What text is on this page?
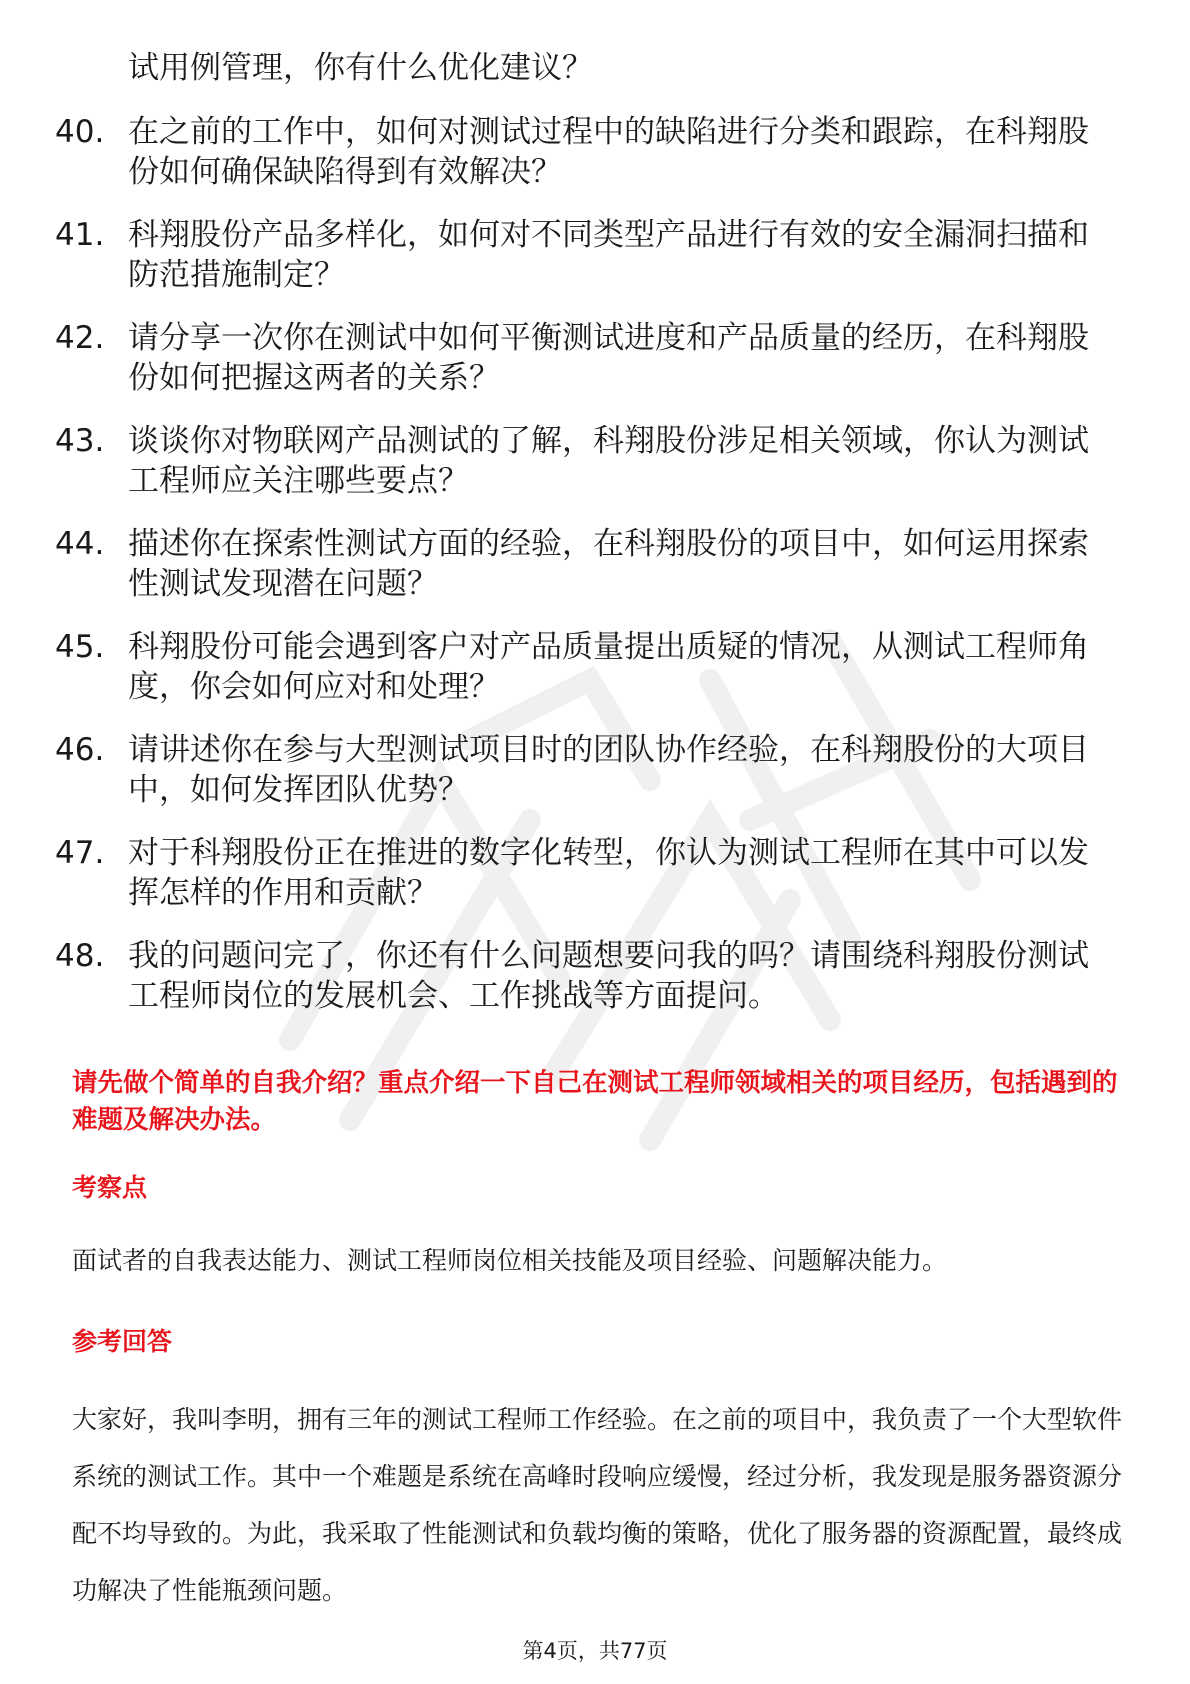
试用例管理，你有什么优化建议？
40. 在之前的工作中，如何对测试过程中的缺陷进行分类和跟踪，在科翔股份如何确保缺陷得到有效解决？
41. 科翔股份产品多样化，如何对不同类型产品进行有效的安全漏洞扫描和防范措施制定？
42. 请分享一次你在测试中如何平衡测试进度和产品质量的经历，在科翔股份如何把握这两者的关系？
43. 谈谈你对物联网产品测试的了解，科翔股份涉足相关领域，你认为测试工程师应关注哪些要点？
44. 描述你在探索性测试方面的经验，在科翔股份的项目中，如何运用探索性测试发现潜在问题？
45. 科翔股份可能会遇到客户对产品质量提出质疑的情况，从测试工程师角度，你会如何应对和处理？
46. 请讲述你在参与大型测试项目时的团队协作经验，在科翔股份的大项目中，如何发挥团队优势？
47. 对于科翔股份正在推进的数字化转型，你认为测试工程师在其中可以发挥怎样的作用和贡献？
48. 我的问题问完了，你还有什么问题想要问我的吗？请围绕科翔股份测试工程师岗位的发展机会、工作挑战等方面提问。
请先做个简单的自我介绍？重点介绍一下自己在测试工程师领域相关的项目经历，包括遇到的难题及解决办法。
考察点
面试者的自我表达能力、测试工程师岗位相关技能及项目经验、问题解决能力。
参考回答
大家好，我叫李明，拥有三年的测试工程师工作经验。在之前的项目中，我负责了一个大型软件系统的测试工作。其中一个难题是系统在高峰时段响应缓慢，经过分析，我发现是服务器资源分配不均导致的。为此，我采取了性能测试和负载均衡的策略，优化了服务器的资源配置，最终成功解决了性能瓶颈问题。
第4页，共77页
